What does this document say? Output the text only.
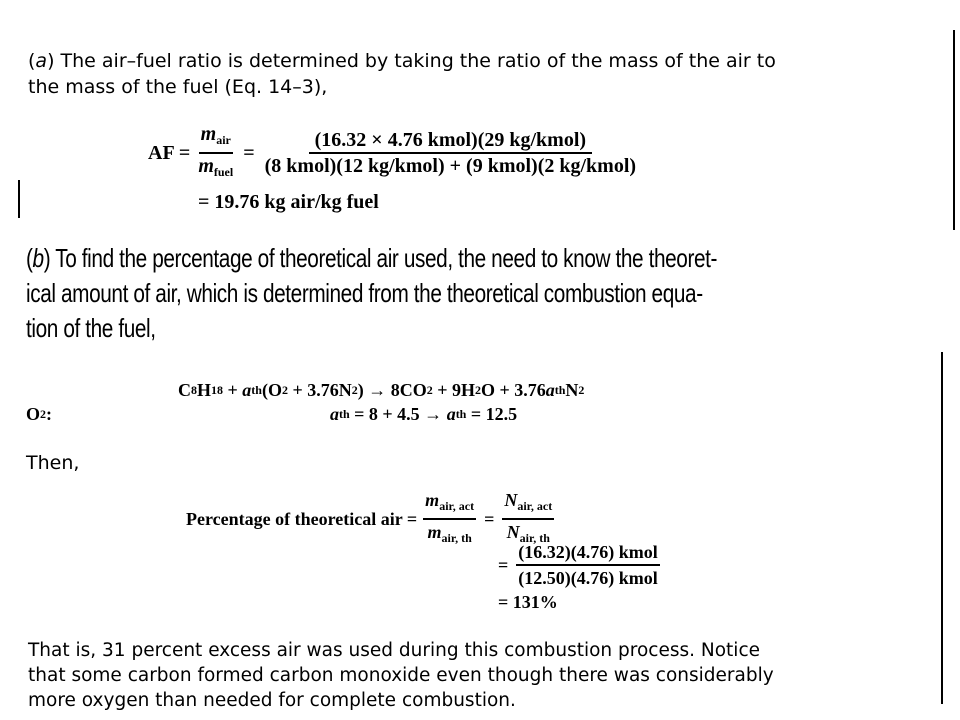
(a) The air–fuel ratio is determined by taking the ratio of the mass of the air to
the mass of the fuel (Eq. 14–3),

AF = $\frac{m_{air}}{m_{fuel}} = \frac{\text{(16.32 × 4.76 kmol)(29 kg/kmol)}}{\text{(8 kmol)(12 kg/kmol) + (9 kmol)(2 kg/kmol)}}$
= 19.76 kg air/kg fuel

(b) To find the percentage of theoretical air used, the need to know the theoret-
ical amount of air, which is determined from the theoretical combustion equa-
tion of the fuel,

C 8 H 18 + a th (O 2 + 3.76N 2 ) → 8CO 2 + 9H 2 O + 3.76 a th N 2
O 2 :	a th = 8 + 4.5 → a th = 12.5
Then,
Percentage of theoretical air = $\frac{m_{air, act}}{m_{air, th}} = \frac{N_{air, act}}{N_{air, th}}$
= $\frac{\text{(16.32)(4.76) kmol}}{\text{(12.50)(4.76) kmol}}$
= 131%

That is, 31 percent excess air was used during this combustion process. Notice
that some carbon formed carbon monoxide even though there was considerably
more oxygen than needed for complete combustion.
